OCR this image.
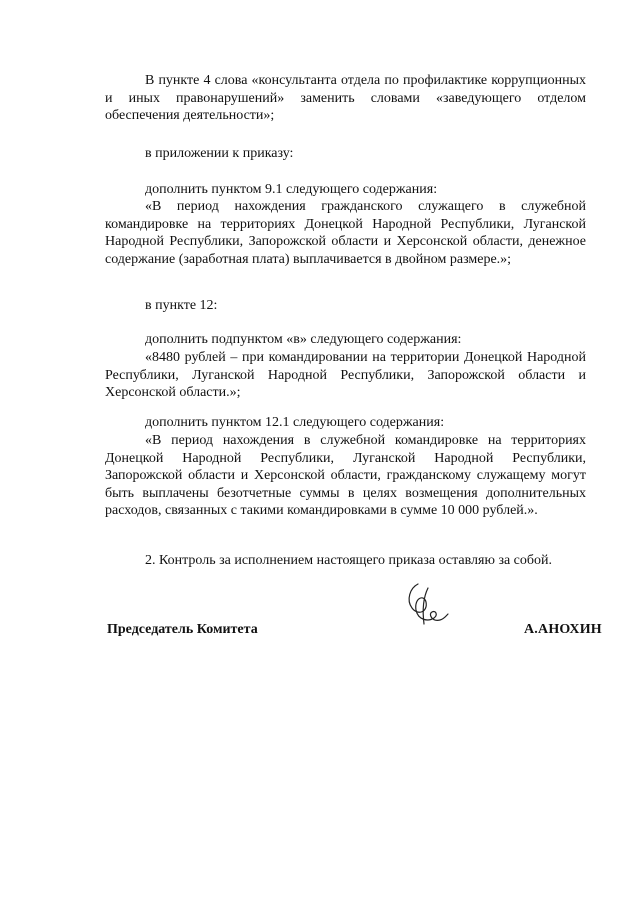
В пункте 4 слова «консультанта отдела по профилактике коррупционных и иных правонарушений» заменить словами «заведующего отделом обеспечения деятельности»;

в приложении к приказу:

дополнить пунктом 9.1 следующего содержания:

«В период нахождения гражданского служащего в служебной командировке на территориях Донецкой Народной Республики, Луганской Народной Республики, Запорожской области и Херсонской области, денежное содержание (заработная плата) выплачивается в двойном размере.»;

в пункте 12:

дополнить подпунктом «в» следующего содержания:

«8480 рублей – при командировании на территории Донецкой Народной Республики, Луганской Народной Республики, Запорожской области и Херсонской области.»;

дополнить пунктом 12.1 следующего содержания:

«В период нахождения в служебной командировке на территориях Донецкой Народной Республики, Луганской Народной Республики, Запорожской области и Херсонской области, гражданскому служащему могут быть выплачены безотчетные суммы в целях возмещения дополнительных расходов, связанных с такими командировками в сумме 10 000 рублей.».

2. Контроль за исполнением настоящего приказа оставляю за собой.

Председатель Комитета	А.АНОХИН
